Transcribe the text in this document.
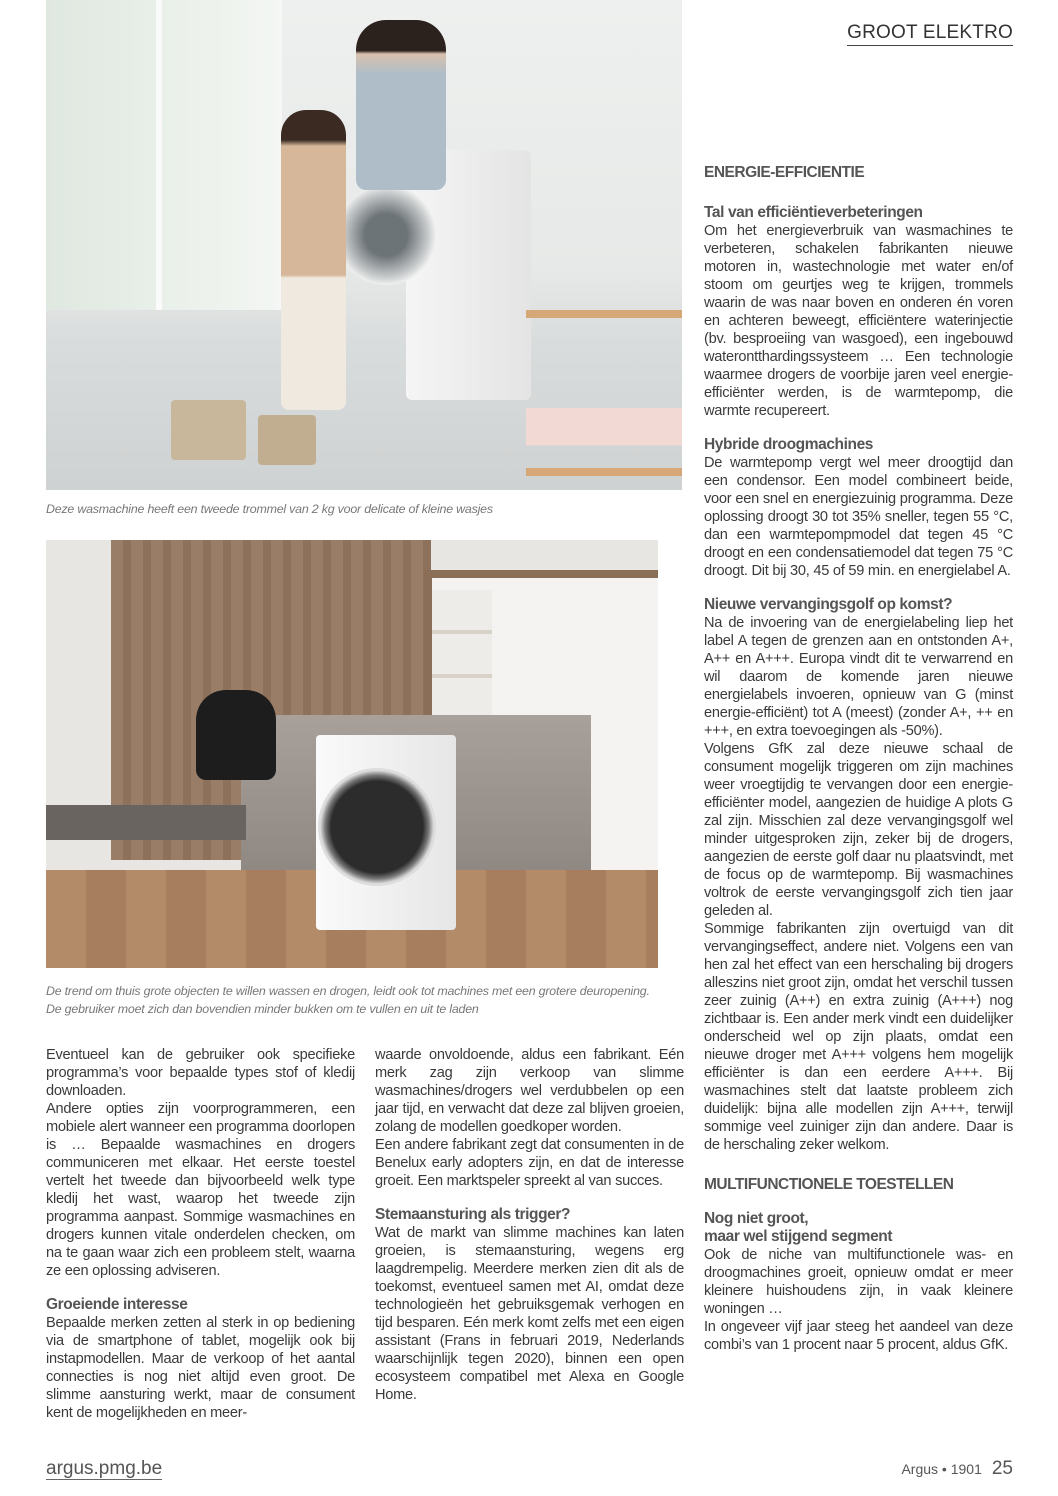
GROOT ELEKTRO
Deze wasmachine heeft een tweede trommel van 2 kg voor delicate of kleine wasjes
De trend om thuis grote objecten te willen wassen en drogen, leidt ook tot machines met een grotere deuropening. De gebruiker moet zich dan bovendien minder bukken om te vullen en uit te laden

Eventueel kan de gebruiker ook specifieke programma’s voor bepaalde types stof of kledij downloaden.

Andere opties zijn voorprogrammeren, een mobiele alert wanneer een programma doorlopen is … Bepaalde wasmachines en drogers communiceren met elkaar. Het eerste toestel vertelt het tweede dan bijvoorbeeld welk type kledij het wast, waarop het tweede zijn programma aanpast. Sommige wasmachines en drogers kunnen vitale onderdelen checken, om na te gaan waar zich een probleem stelt, waarna ze een oplossing adviseren.

Groeiende interesse

Bepaalde merken zetten al sterk in op bediening via de smartphone of tablet, mogelijk ook bij instapmodellen. Maar de verkoop of het aantal connecties is nog niet altijd even groot. De slimme aansturing werkt, maar de consument kent de mogelijkheden en meer-

waarde onvoldoende, aldus een fabrikant. Eén merk zag zijn verkoop van slimme wasmachines/drogers wel verdubbelen op een jaar tijd, en verwacht dat deze zal blijven groeien, zolang de modellen goedkoper worden.

Een andere fabrikant zegt dat consumenten in de Benelux early adopters zijn, en dat de interesse groeit. Een marktspeler spreekt al van succes.

Stemaansturing als trigger?

Wat de markt van slimme machines kan laten groeien, is stemaansturing, wegens erg laagdrempelig. Meerdere merken zien dit als de toekomst, eventueel samen met AI, omdat deze technologieën het gebruiksgemak verhogen en tijd besparen. Eén merk komt zelfs met een eigen assistant (Frans in februari 2019, Nederlands waarschijnlijk tegen 2020), binnen een open ecosysteem compatibel met Alexa en Google Home.

ENERGIE-EFFICIENTIE
Tal van efficiëntieverbeteringen

Om het energieverbruik van wasmachines te verbeteren, schakelen fabrikanten nieuwe motoren in, wastechnologie met water en/of stoom om geurtjes weg te krijgen, trommels waarin de was naar boven en onderen én voren en achteren beweegt, efficiëntere waterinjectie (bv. besproeiing van wasgoed), een ingebouwd waterontthardingssysteem … Een technologie waarmee drogers de voorbije jaren veel energie-efficiënter werden, is de warmtepomp, die warmte recupereert.

Hybride droogmachines

De warmtepomp vergt wel meer droogtijd dan een condensor. Een model combineert beide, voor een snel en energiezuinig programma. Deze oplossing droogt 30 tot 35% sneller, tegen 55 °C, dan een warmtepompmodel dat tegen 45 °C droogt en een condensatiemodel dat tegen 75 °C droogt. Dit bij 30, 45 of 59 min. en energielabel A.

Nieuwe vervangingsgolf op komst?

Na de invoering van de energielabeling liep het label A tegen de grenzen aan en ontstonden A+, A++ en A+++. Europa vindt dit te verwarrend en wil daarom de komende jaren nieuwe energielabels invoeren, opnieuw van G (minst energie-efficiënt) tot A (meest) (zonder A+, ++ en +++, en extra toevoegingen als -50%).

Volgens GfK zal deze nieuwe schaal de consument mogelijk triggeren om zijn machines weer vroegtijdig te vervangen door een energie-efficiënter model, aangezien de huidige A plots G zal zijn. Misschien zal deze vervangingsgolf wel minder uitgesproken zijn, zeker bij de drogers, aangezien de eerste golf daar nu plaatsvindt, met de focus op de warmtepomp. Bij wasmachines voltrok de eerste vervangingsgolf zich tien jaar geleden al.

Sommige fabrikanten zijn overtuigd van dit vervangingseffect, andere niet. Volgens een van hen zal het effect van een herschaling bij drogers alleszins niet groot zijn, omdat het verschil tussen zeer zuinig (A++) en extra zuinig (A+++) nog zichtbaar is. Een ander merk vindt een duidelijker onderscheid wel op zijn plaats, omdat een nieuwe droger met A+++ volgens hem mogelijk efficiënter is dan een eerdere A+++. Bij wasmachines stelt dat laatste probleem zich duidelijk: bijna alle modellen zijn A+++, terwijl sommige veel zuiniger zijn dan andere. Daar is de herschaling zeker welkom.

MULTIFUNCTIONELE TOESTELLEN
Nog niet groot,
maar wel stijgend segment

Ook de niche van multifunctionele was- en droogmachines groeit, opnieuw omdat er meer kleinere huishoudens zijn, in vaak kleinere woningen …

In ongeveer vijf jaar steeg het aandeel van deze combi’s van 1 procent naar 5 procent, aldus GfK.

argus.pmg.be	Argus • 1901 25
